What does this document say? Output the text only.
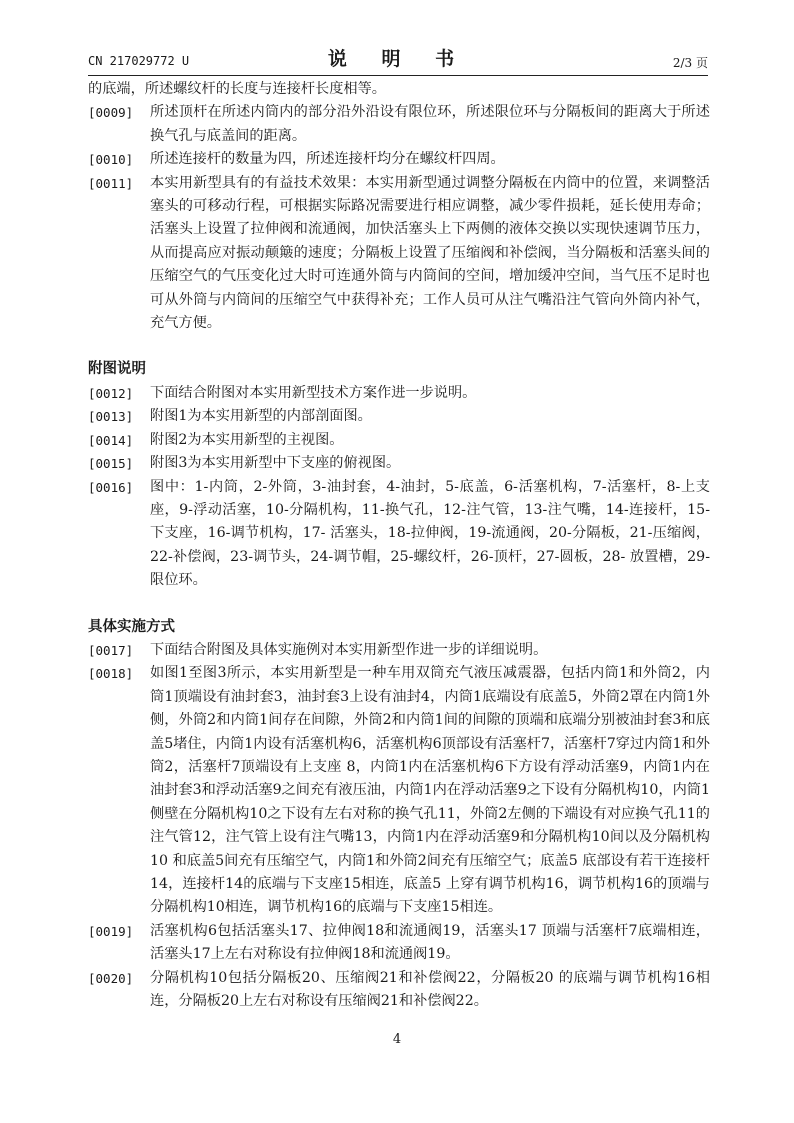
CN 217029772 U	说 明 书	2/3 页

的底端，所述螺纹杆的长度与连接杆长度相等。

[0009] 所述顶杆在所述内筒内的部分沿外沿设有限位环，所述限位环与分隔板间的距离大于所述换气孔与底盖间的距离。

[0010] 所述连接杆的数量为四，所述连接杆均分在螺纹杆四周。

[0011] 本实用新型具有的有益技术效果：本实用新型通过调整分隔板在内筒中的位置，来调整活塞头的可移动行程，可根据实际路况需要进行相应调整，减少零件损耗，延长使用寿命；活塞头上设置了拉伸阀和流通阀，加快活塞头上下两侧的液体交换以实现快速调节压力，从而提高应对振动颠簸的速度；分隔板上设置了压缩阀和补偿阀，当分隔板和活塞头间的压缩空气的气压变化过大时可连通外筒与内筒间的空间，增加缓冲空间，当气压不足时也可从外筒与内筒间的压缩空气中获得补充；工作人员可从注气嘴沿注气管向外筒内补气，充气方便。

附图说明

[0012] 下面结合附图对本实用新型技术方案作进一步说明。

[0013] 附图1为本实用新型的内部剖面图。

[0014] 附图2为本实用新型的主视图。

[0015] 附图3为本实用新型中下支座的俯视图。

[0016] 图中：1-内筒，2-外筒，3-油封套，4-油封，5-底盖，6-活塞机构，7-活塞杆，8-上支座，9-浮动活塞，10-分隔机构，11-换气孔，12-注气管，13-注气嘴，14-连接杆，15-下支座，16-调节机构，17- 活塞头，18-拉伸阀，19-流通阀，20-分隔板，21-压缩阀，22-补偿阀，23-调节头，24-调节帽，25-螺纹杆，26-顶杆，27-圆板，28- 放置槽，29-限位环。

具体实施方式

[0017] 下面结合附图及具体实施例对本实用新型作进一步的详细说明。

[0018] 如图1至图3所示，本实用新型是一种车用双筒充气液压减震器，包括内筒1和外筒2，内筒1顶端设有油封套3，油封套3上设有油封4，内筒1底端设有底盖5，外筒2罩在内筒1外侧，外筒2和内筒1间存在间隙，外筒2和内筒1间的间隙的顶端和底端分别被油封套3和底盖5堵住，内筒1内设有活塞机构6，活塞机构6顶部设有活塞杆7，活塞杆7穿过内筒1和外筒2，活塞杆7顶端设有上支座 8，内筒1内在活塞机构6下方设有浮动活塞9，内筒1内在油封套3和浮动活塞9之间充有液压油，内筒1内在浮动活塞9之下设有分隔机构10，内筒1侧壁在分隔机构10之下设有左右对称的换气孔11，外筒2左侧的下端设有对应换气孔11的注气管12，注气管上设有注气嘴13，内筒1内在浮动活塞9和分隔机构10间以及分隔机构10 和底盖5间充有压缩空气，内筒1和外筒2间充有压缩空气；底盖5 底部设有若干连接杆14，连接杆14的底端与下支座15相连，底盖5 上穿有调节机构16，调节机构16的顶端与分隔机构10相连，调节机构16的底端与下支座15相连。

[0019] 活塞机构6包括活塞头17、拉伸阀18和流通阀19，活塞头17 顶端与活塞杆7底端相连，活塞头17上左右对称设有拉伸阀18和流通阀19。

[0020] 分隔机构10包括分隔板20、压缩阀21和补偿阀22，分隔板20 的底端与调节机构16相连，分隔板20上左右对称设有压缩阀21和补偿阀22。

4
